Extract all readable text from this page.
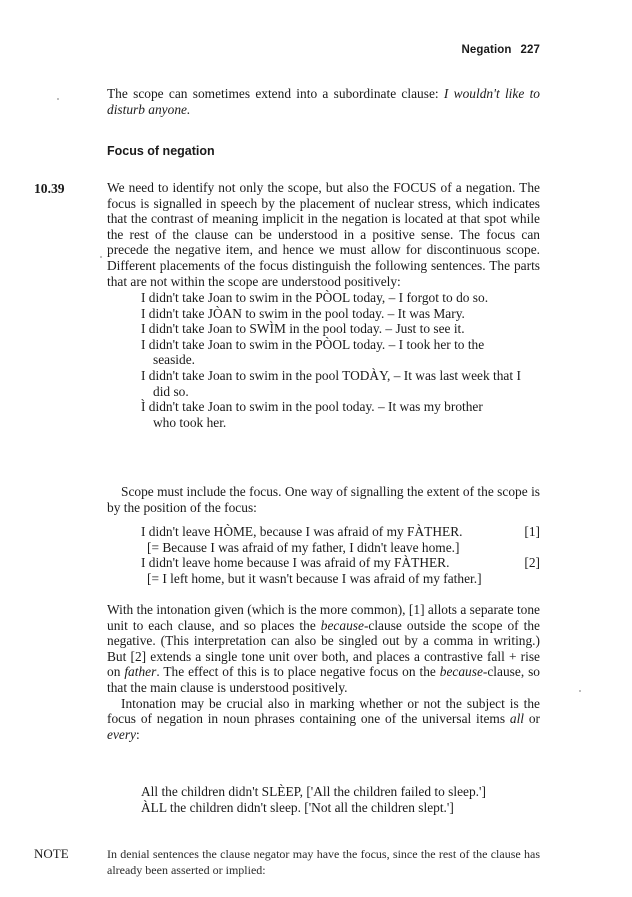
Negation 227

The scope can sometimes extend into a subordinate clause: I wouldn't like to disturb anyone.

Focus of negation
10.39	We need to identify not only the scope, but also the FOCUS of a negation. The focus is signalled in speech by the placement of nuclear stress, which indicates that the contrast of meaning implicit in the negation is located at that spot while the rest of the clause can be understood in a positive sense. The focus can precede the negative item, and hence we must allow for discontinuous scope. Different placements of the focus distinguish the following sentences. The parts that are not within the scope are understood positively:

I didn't take Joan to swim in the PÒOL today, – I forgot to do so.
I didn't take JÒAN to swim in the pool today. – It was Mary.
I didn't take Joan to SWÌM in the pool today. – Just to see it.
I didn't take Joan to swim in the PÒOL today. – I took her to the
seaside.
I didn't take Joan to swim in the pool TODÀY, – It was last week that I
did so.
Ì didn't take Joan to swim in the pool today. – It was my brother
who took her.

Scope must include the focus. One way of signalling the extent of the scope is by the position of the focus:

I didn't leave HÒME, because I was afraid of my FÀTHER.	[1]
[= Because I was afraid of my father, I didn't leave home.]
I didn't leave home because I was afraid of my FÀTHER.	[2]
[= I left home, but it wasn't because I was afraid of my father.]

With the intonation given (which is the more common), [1] allots a separate tone unit to each clause, and so places the because-clause outside the scope of the negative. (This interpretation can also be singled out by a comma in writing.) But [2] extends a single tone unit over both, and places a contrastive fall + rise on father. The effect of this is to place negative focus on the because-clause, so that the main clause is understood positively.

Intonation may be crucial also in marking whether or not the subject is the focus of negation in noun phrases containing one of the universal items all or every:

All the children didn't SLÈEP, ['All the children failed to sleep.']
ÀLL the children didn't sleep. ['Not all the children slept.']
NOTE	In denial sentences the clause negator may have the focus, since the rest of the clause has already been asserted or implied:
